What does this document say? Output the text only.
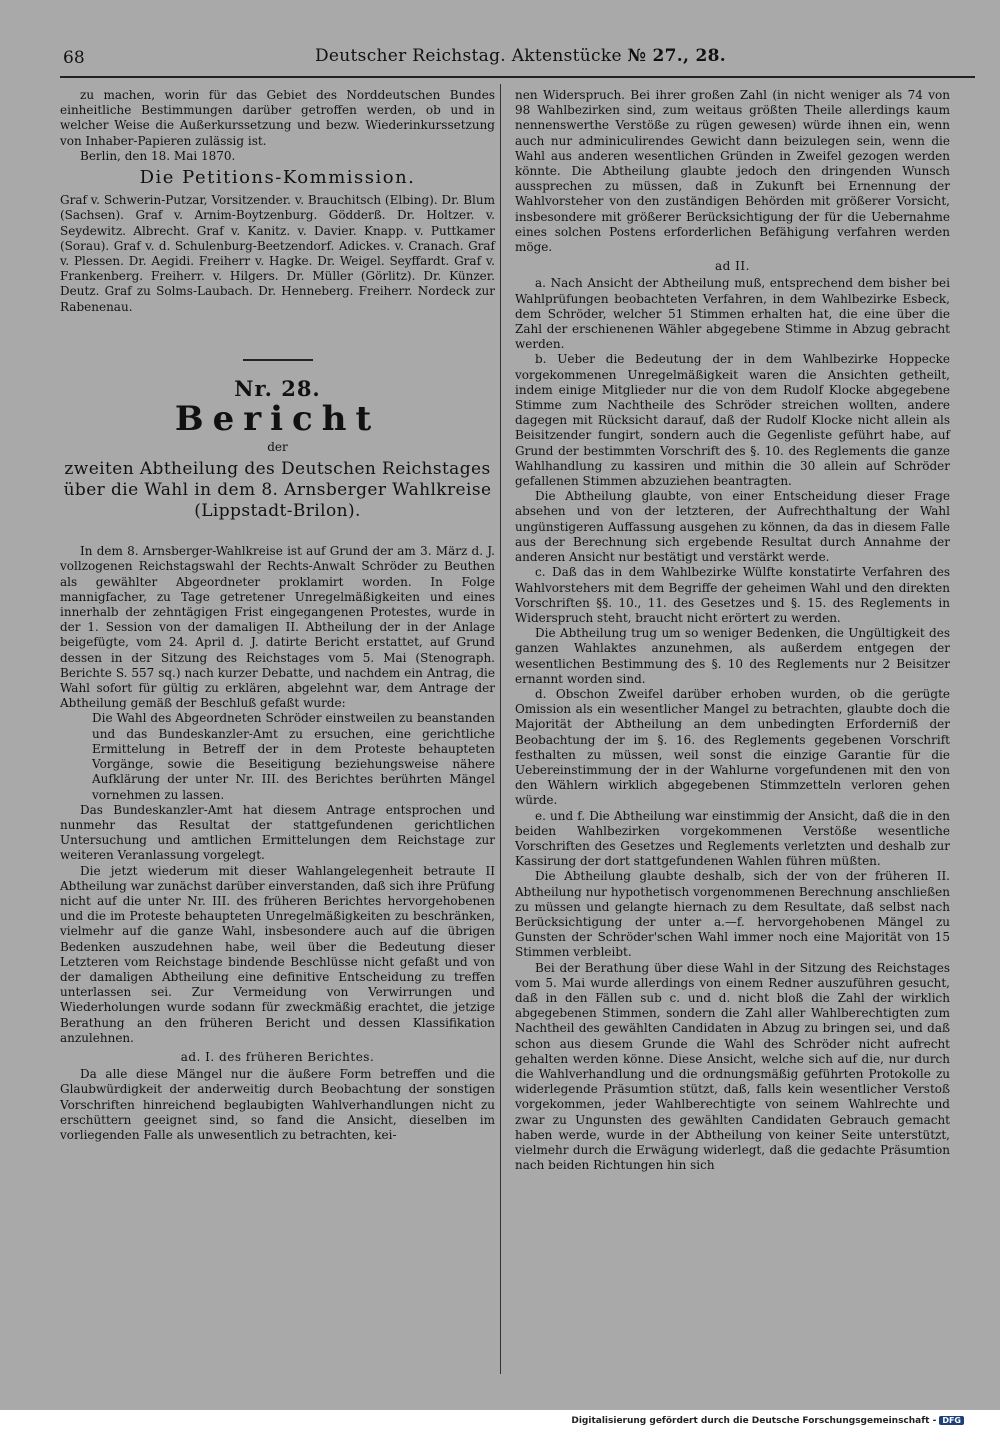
68	Deutscher Reichstag. Aktenstücke № 27., 28.

zu machen, worin für das Gebiet des Norddeutschen Bundes einheitliche Bestimmungen darüber getroffen werden, ob und in welcher Weise die Außerkurssetzung und bezw. Wiederinkurssetzung von Inhaber-Papieren zulässig ist.

Berlin, den 18. Mai 1870.

Die Petitions-Kommission.

Graf v. Schwerin-Putzar, Vorsitzender. v. Brauchitsch (Elbing). Dr. Blum (Sachsen). Graf v. Arnim-Boytzenburg. Gödderß. Dr. Holtzer. v. Seydewitz. Albrecht. Graf v. Kanitz. v. Davier. Knapp. v. Puttkamer (Sorau). Graf v. d. Schulenburg-Beetzendorf. Adickes. v. Cranach. Graf v. Plessen. Dr. Aegidi. Freiherr v. Hagke. Dr. Weigel. Seyffardt. Graf v. Frankenberg. Freiherr. v. Hilgers. Dr. Müller (Görlitz). Dr. Künzer. Deutz. Graf zu Solms-Laubach. Dr. Henneberg. Freiherr. Nordeck zur Rabenenau.

Nr. 28.

Bericht

der

zweiten Abtheilung des Deutschen Reichstages über die Wahl in dem 8. Arnsberger Wahlkreise (Lippstadt-Brilon).

In dem 8. Arnsberger-Wahlkreise ist auf Grund der am 3. März d. J. vollzogenen Reichstagswahl der Rechts-Anwalt Schröder zu Beuthen als gewählter Abgeordneter proklamirt worden. In Folge mannigfacher, zu Tage getretener Unregelmäßigkeiten und eines innerhalb der zehntägigen Frist eingegangenen Protestes, wurde in der 1. Session von der damaligen II. Abtheilung der in der Anlage beigefügte, vom 24. April d. J. datirte Bericht erstattet, auf Grund dessen in der Sitzung des Reichstages vom 5. Mai (Stenograph. Berichte S. 557 sq.) nach kurzer Debatte, und nachdem ein Antrag, die Wahl sofort für gültig zu erklären, abgelehnt war, dem Antrage der Abtheilung gemäß der Beschluß gefaßt wurde:

Die Wahl des Abgeordneten Schröder einstweilen zu beanstanden und das Bundeskanzler-Amt zu ersuchen, eine gerichtliche Ermittelung in Betreff der in dem Proteste behaupteten Vorgänge, sowie die Beseitigung beziehungsweise nähere Aufklärung der unter Nr. III. des Berichtes berührten Mängel vornehmen zu lassen.

Das Bundeskanzler-Amt hat diesem Antrage entsprochen und nunmehr das Resultat der stattgefundenen gerichtlichen Untersuchung und amtlichen Ermittelungen dem Reichstage zur weiteren Veranlassung vorgelegt.

Die jetzt wiederum mit dieser Wahlangelegenheit betraute II Abtheilung war zunächst darüber einverstanden, daß sich ihre Prüfung nicht auf die unter Nr. III. des früheren Berichtes hervorgehobenen und die im Proteste behaupteten Unregelmäßigkeiten zu beschränken, vielmehr auf die ganze Wahl, insbesondere auch auf die übrigen Bedenken auszudehnen habe, weil über die Bedeutung dieser Letzteren vom Reichstage bindende Beschlüsse nicht gefaßt und von der damaligen Abtheilung eine definitive Entscheidung zu treffen unterlassen sei. Zur Vermeidung von Verwirrungen und Wiederholungen wurde sodann für zweckmäßig erachtet, die jetzige Berathung an den früheren Bericht und dessen Klassifikation anzulehnen.

ad. I. des früheren Berichtes.

Da alle diese Mängel nur die äußere Form betreffen und die Glaubwürdigkeit der anderweitig durch Beobachtung der sonstigen Vorschriften hinreichend beglaubigten Wahlverhandlungen nicht zu erschüttern geeignet sind, so fand die Ansicht, dieselben im vorliegenden Falle als unwesentlich zu betrachten, kei-

nen Widerspruch. Bei ihrer großen Zahl (in nicht weniger als 74 von 98 Wahlbezirken sind, zum weitaus größten Theile allerdings kaum nennenswerthe Verstöße zu rügen gewesen) würde ihnen ein, wenn auch nur adminiculirendes Gewicht dann beizulegen sein, wenn die Wahl aus anderen wesentlichen Gründen in Zweifel gezogen werden könnte. Die Abtheilung glaubte jedoch den dringenden Wunsch aussprechen zu müssen, daß in Zukunft bei Ernennung der Wahlvorsteher von den zuständigen Behörden mit größerer Vorsicht, insbesondere mit größerer Berücksichtigung der für die Uebernahme eines solchen Postens erforderlichen Befähigung verfahren werden möge.

ad II.

a. Nach Ansicht der Abtheilung muß, entsprechend dem bisher bei Wahlprüfungen beobachteten Verfahren, in dem Wahlbezirke Esbeck, dem Schröder, welcher 51 Stimmen erhalten hat, die eine über die Zahl der erschienenen Wähler abgegebene Stimme in Abzug gebracht werden.

b. Ueber die Bedeutung der in dem Wahlbezirke Hoppecke vorgekommenen Unregelmäßigkeit waren die Ansichten getheilt, indem einige Mitglieder nur die von dem Rudolf Klocke abgegebene Stimme zum Nachtheile des Schröder streichen wollten, andere dagegen mit Rücksicht darauf, daß der Rudolf Klocke nicht allein als Beisitzender fungirt, sondern auch die Gegenliste geführt habe, auf Grund der bestimmten Vorschrift des §. 10. des Reglements die ganze Wahlhandlung zu kassiren und mithin die 30 allein auf Schröder gefallenen Stimmen abzuziehen beantragten.

Die Abtheilung glaubte, von einer Entscheidung dieser Frage absehen und von der letzteren, der Aufrechthaltung der Wahl ungünstigeren Auffassung ausgehen zu können, da das in diesem Falle aus der Berechnung sich ergebende Resultat durch Annahme der anderen Ansicht nur bestätigt und verstärkt werde.

c. Daß das in dem Wahlbezirke Wülfte konstatirte Verfahren des Wahlvorstehers mit dem Begriffe der geheimen Wahl und den direkten Vorschriften §§. 10., 11. des Gesetzes und §. 15. des Reglements in Widerspruch steht, braucht nicht erörtert zu werden.

Die Abtheilung trug um so weniger Bedenken, die Ungültigkeit des ganzen Wahlaktes anzunehmen, als außerdem entgegen der wesentlichen Bestimmung des §. 10 des Reglements nur 2 Beisitzer ernannt worden sind.

d. Obschon Zweifel darüber erhoben wurden, ob die gerügte Omission als ein wesentlicher Mangel zu betrachten, glaubte doch die Majorität der Abtheilung an dem unbedingten Erforderniß der Beobachtung der im §. 16. des Reglements gegebenen Vorschrift festhalten zu müssen, weil sonst die einzige Garantie für die Uebereinstimmung der in der Wahlurne vorgefundenen mit den von den Wählern wirklich abgegebenen Stimmzetteln verloren gehen würde.

e. und f. Die Abtheilung war einstimmig der Ansicht, daß die in den beiden Wahlbezirken vorgekommenen Verstöße wesentliche Vorschriften des Gesetzes und Reglements verletzten und deshalb zur Kassirung der dort stattgefundenen Wahlen führen müßten.

Die Abtheilung glaubte deshalb, sich der von der früheren II. Abtheilung nur hypothetisch vorgenommenen Berechnung anschließen zu müssen und gelangte hiernach zu dem Resultate, daß selbst nach Berücksichtigung der unter a.—f. hervorgehobenen Mängel zu Gunsten der Schröder'schen Wahl immer noch eine Majorität von 15 Stimmen verbleibt.

Bei der Berathung über diese Wahl in der Sitzung des Reichstages vom 5. Mai wurde allerdings von einem Redner auszuführen gesucht, daß in den Fällen sub c. und d. nicht bloß die Zahl der wirklich abgegebenen Stimmen, sondern die Zahl aller Wahlberechtigten zum Nachtheil des gewählten Candidaten in Abzug zu bringen sei, und daß schon aus diesem Grunde die Wahl des Schröder nicht aufrecht gehalten werden könne. Diese Ansicht, welche sich auf die, nur durch die Wahlverhandlung und die ordnungsmäßig geführten Protokolle zu widerlegende Präsumtion stützt, daß, falls kein wesentlicher Verstoß vorgekommen, jeder Wahlberechtigte von seinem Wahlrechte und zwar zu Ungunsten des gewählten Candidaten Gebrauch gemacht haben werde, wurde in der Abtheilung von keiner Seite unterstützt, vielmehr durch die Erwägung widerlegt, daß die gedachte Präsumtion nach beiden Richtungen hin sich

Digitalisierung gefördert durch die Deutsche Forschungsgemeinschaft - DFG
